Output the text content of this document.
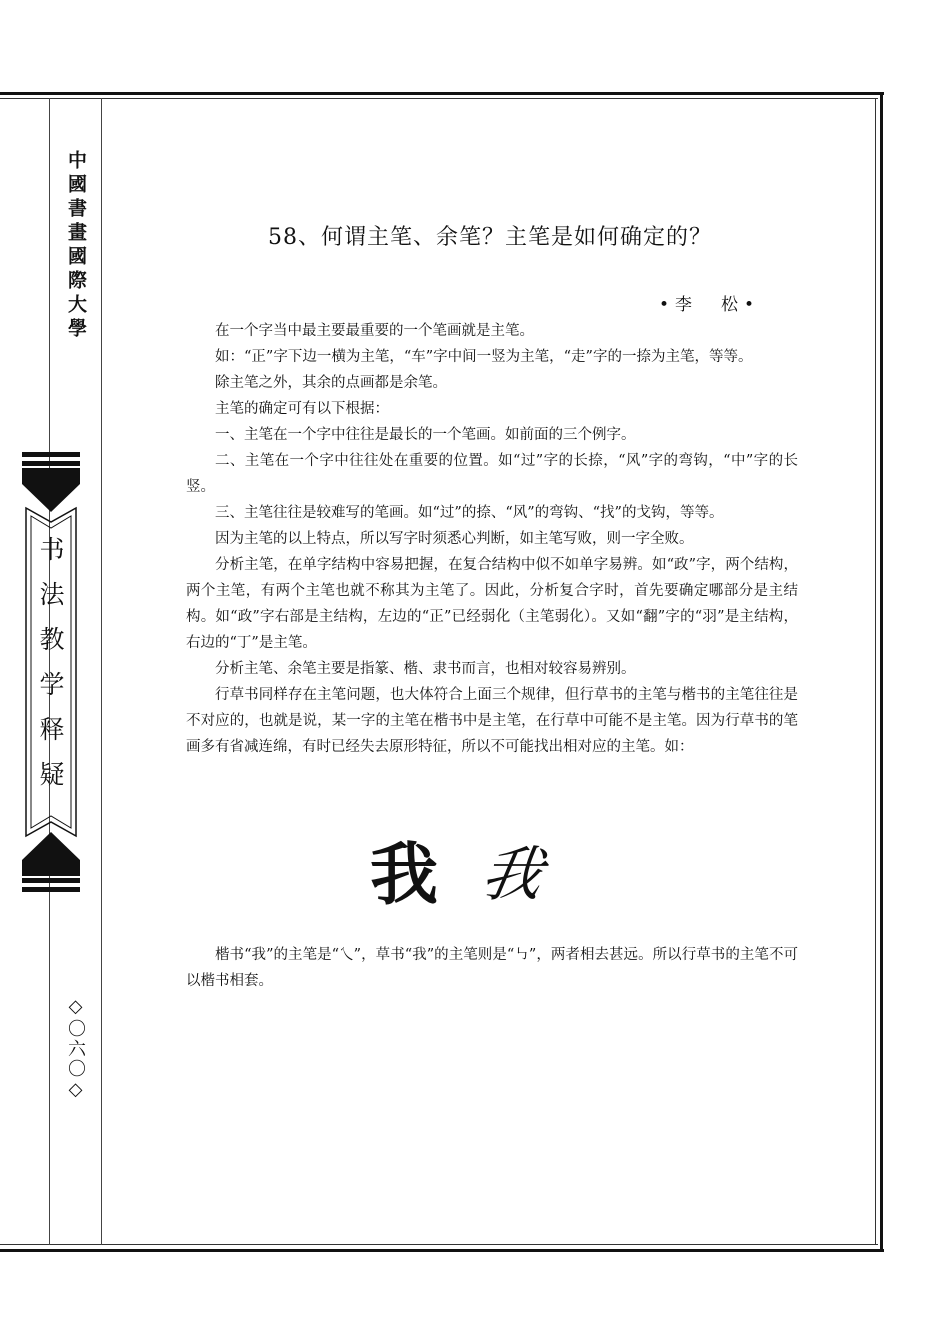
中國書畫國際大學
书法教学释疑
◇〇六〇◇
58、何谓主笔、余笔？主笔是如何确定的？
•李　松•

在一个字当中最主要最重要的一个笔画就是主笔。

如：“正”字下边一横为主笔，“车”字中间一竖为主笔，“走”字的一捺为主笔，等等。

除主笔之外，其余的点画都是余笔。

主笔的确定可有以下根据：

一、主笔在一个字中往往是最长的一个笔画。如前面的三个例字。

二、主笔在一个字中往往处在重要的位置。如“过”字的长捺，“风”字的弯钩，“中”字的长竖。

三、主笔往往是较难写的笔画。如“过”的捺、“风”的弯钩、“找”的戈钩，等等。

因为主笔的以上特点，所以写字时须悉心判断，如主笔写败，则一字全败。

分析主笔，在单字结构中容易把握，在复合结构中似不如单字易辨。如“政”字，两个结构，两个主笔，有两个主笔也就不称其为主笔了。因此，分析复合字时，首先要确定哪部分是主结构。如“政”字右部是主结构，左边的“正”已经弱化（主笔弱化）。又如“翻”字的“羽”是主结构，右边的“丁”是主笔。

分析主笔、余笔主要是指篆、楷、隶书而言，也相对较容易辨别。

行草书同样存在主笔问题，也大体符合上面三个规律，但行草书的主笔与楷书的主笔往往是不对应的，也就是说，某一字的主笔在楷书中是主笔，在行草中可能不是主笔。因为行草书的笔画多有省减连绵，有时已经失去原形特征，所以不可能找出相对应的主笔。如：

我 我

楷书“我”的主笔是“乀”，草书“我”的主笔则是“㇉”，两者相去甚远。所以行草书的主笔不可以楷书相套。
